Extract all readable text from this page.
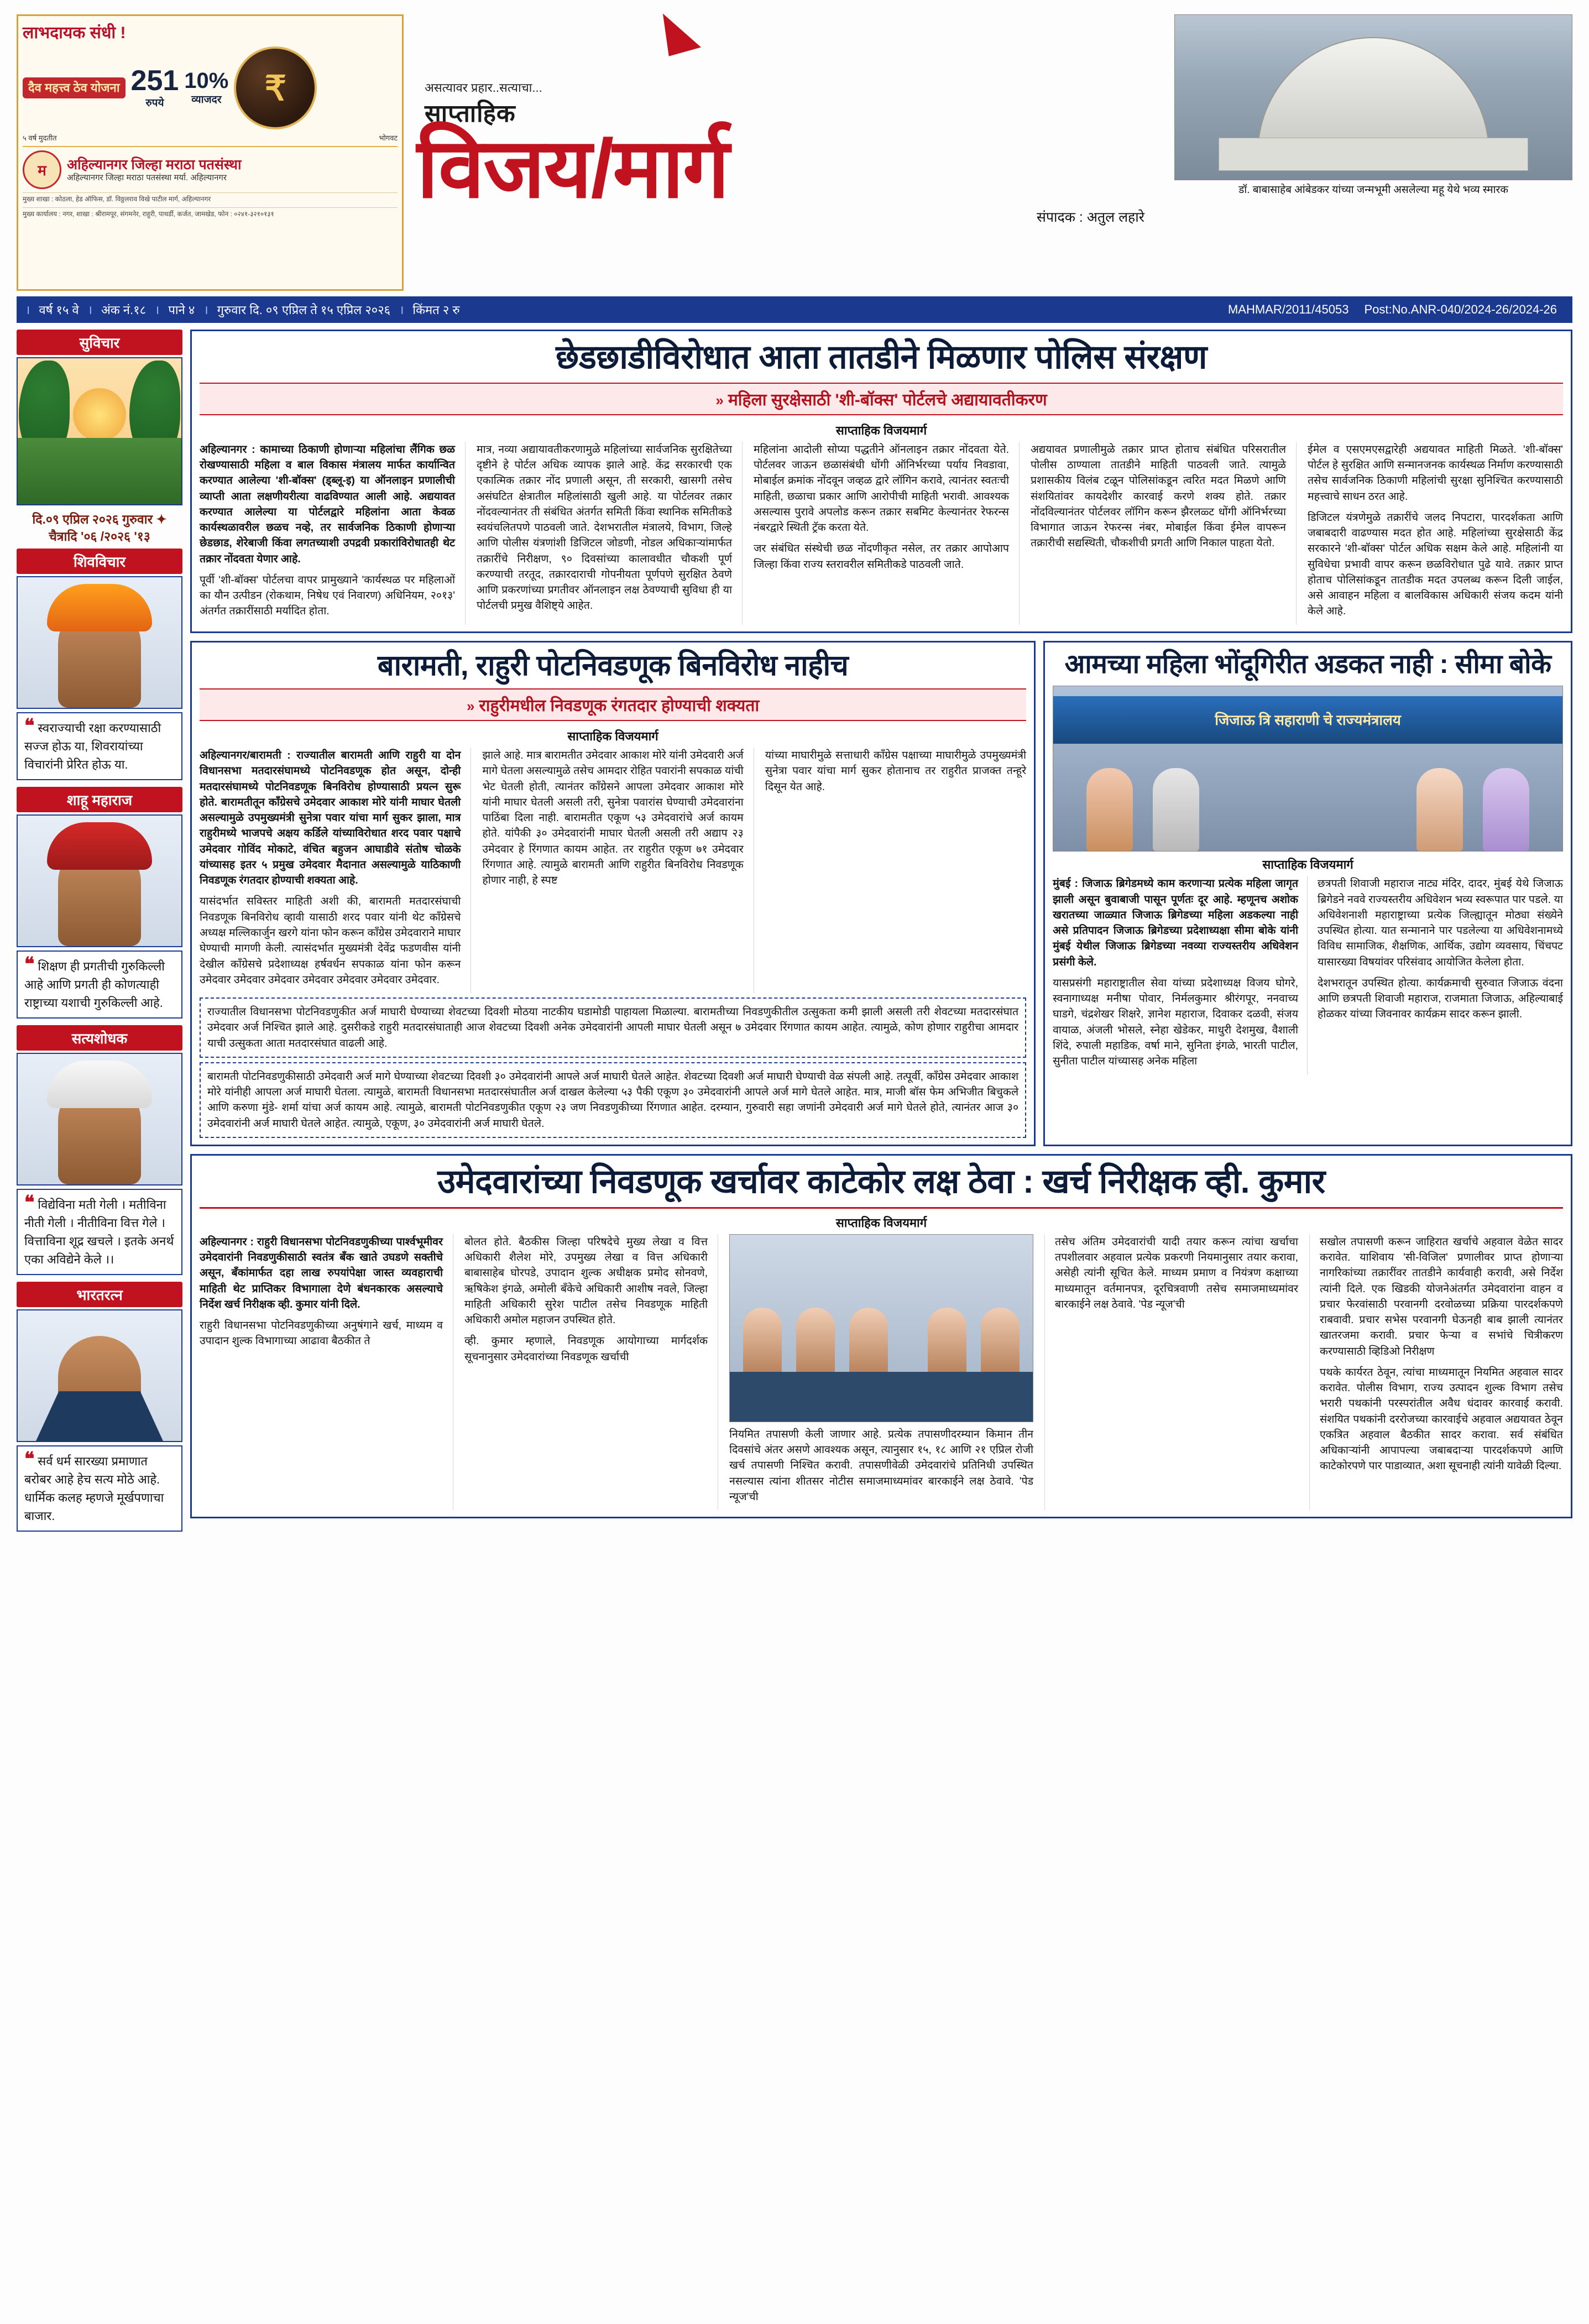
लाभदायक संधी !
दैव महत्त्व ठेव योजना 251
रुपये
10%
व्याजदर	₹
५ वर्ष मुदतीत	भोगवट
म	अहिल्यानगर जिल्हा मराठा पतसंस्था
अहिल्यानगर जिल्हा मराठा पतसंस्था मर्या. अहिल्यानगर
मुख्य शाखा : कोठला, हेड ऑफिस, डॉ. विठ्ठलराव विखे पाटील मार्ग, अहिल्यानगर
मुख्य कार्यालय : नगर, शाखा : श्रीरामपूर, संगमनेर, राहुरी, पाथर्डी, कर्जत, जामखेड, फोन : ०२४१-३२१०१३१
असत्यावर प्रहार..सत्याचा...
साप्ताहिक
विजय/मार्ग
संपादक : अतुल लहारे
डॉ. बाबासाहेब आंबेडकर यांच्या जन्मभूमी असलेल्या महू येथे भव्य स्मारक
। वर्ष १५ वे । अंक नं.१८ । पाने ४ । गुरुवार दि. ०९ एप्रिल ते १५ एप्रिल २०२६ । किंमत २ रु	MAHMAR/2011/45053	Post:No.ANR-040/2024-26/2024-26
सुविचार
दि.०९ एप्रिल २०२६ गुरुवार ✦ चैत्रादि '०६ /२०२६ '१३
शिवविचार
❝ स्वराज्याची रक्षा करण्यासाठी सज्ज होऊ या, शिवरायांच्या विचारांनी प्रेरित होऊ या.
शाहू महाराज
❝ शिक्षण ही प्रगतीची गुरुकिल्ली आहे आणि प्रगती ही कोणत्याही राष्ट्राच्या यशाची गुरुकिल्ली आहे.
सत्यशोधक
❝ विद्येविना मती गेली । मतीविना नीती गेली । नीतीविना वित्त गेले । वित्ताविना शूद्र खचले । इतके अनर्थ एका अविद्येने केले ।।
भारतरत्न
❝ सर्व धर्म सारख्या प्रमाणात बरोबर आहे हेच सत्य मोठे आहे. धार्मिक कलह म्हणजे मूर्खपणाचा बाजार.
छेडछाडीविरोधात आता तातडीने मिळणार पोलिस संरक्षण
» महिला सुरक्षेसाठी 'शी-बॉक्स' पोर्टलचे अद्यायावतीकरण
साप्ताहिक विजयमार्ग

अहिल्यानगर : कामाच्या ठिकाणी होणाऱ्या महिलांचा लैंगिक छळ रोखण्यासाठी महिला व बाल विकास मंत्रालय मार्फत कार्यान्वित करण्यात आलेल्या 'शी-बॉक्स' (ड्ब्लू-इ) या ऑनलाइन प्रणालीची व्याप्ती आता लक्षणीयरीत्या वाढविण्यात आली आहे. अद्ययावत करण्यात आलेल्या या पोर्टलद्वारे महिलांना आता केवळ कार्यस्थळावरील छळच नव्हे, तर सार्वजनिक ठिकाणी होणाऱ्या छेडछाड, शेरेबाजी किंवा लगतच्याशी उपद्रवी प्रकारांविरोधातही थेट तक्रार नोंदवता येणार आहे.

पूर्वी 'शी-बॉक्स' पोर्टलचा वापर प्रामुख्याने 'कार्यस्थळ पर महिलाओं का यौन उत्पीडन (रोकथाम, निषेध एवं निवारण) अधिनियम, २०१३' अंतर्गत तक्रारींसाठी मर्यादित होता.

मात्र, नव्या अद्यायावतीकरणामुळे महिलांच्या सार्वजनिक सुरक्षितेच्या दृष्टीने हे पोर्टल अधिक व्यापक झाले आहे. केंद्र सरकारची एक एकात्मिक तक्रार नोंद प्रणाली असून, ती सरकारी, खासगी तसेच असंघटित क्षेत्रातील महिलांसाठी खुली आहे. या पोर्टलवर तक्रार नोंदवल्यानंतर ती संबंधित अंतर्गत समिती किंवा स्थानिक समितीकडे स्वयंचलितपणे पाठवली जाते. देशभरातील मंत्रालये, विभाग, जिल्हे आणि पोलीस यंत्रणांशी डिजिटल जोडणी, नोडल अधिकाऱ्यांमार्फत तक्रारींचे निरीक्षण, ९० दिवसांच्या कालावधीत चौकशी पूर्ण करण्याची तरतूद, तक्रारदाराची गोपनीयता पूर्णपणे सुरक्षित ठेवणे आणि प्रकरणांच्या प्रगतीवर ऑनलाइन लक्ष ठेवण्याची सुविधा ही या पोर्टलची प्रमुख वैशिष्ट्ये आहेत.

महिलांना आदोली सोप्या पद्धतीने ऑनलाइन तक्रार नोंदवता येते. पोर्टलवर जाऊन छळासंबंधी धोंगी ऑनिर्भरच्या पर्याय निवडावा, मोबाईल क्रमांक नोंदवून जव्हळ द्वारे लॉगिन करावे, त्यानंतर स्वतःची माहिती, छळाचा प्रकार आणि आरोपीची माहिती भरावी. आवश्यक असल्यास पुरावे अपलोड करून तक्रार सबमिट केल्यानंतर रेफरन्स नंबरद्वारे स्थिती ट्रॅक करता येते.

जर संबंधित संस्थेची छळ नोंदणीकृत नसेल, तर तक्रार आपोआप जिल्हा किंवा राज्य स्तरावरील समितीकडे पाठवली जाते.

अद्ययावत प्रणालीमुळे तक्रार प्राप्त होताच संबंधित परिसरातील पोलीस ठाण्याला तातडीने माहिती पाठवली जाते. त्यामुळे प्रशासकीय विलंब टळून पोलिसांकडून त्वरित मदत मिळणे आणि संशयितांवर कायदेशीर कारवाई करणे शक्य होते. तक्रार नोंदविल्यानंतर पोर्टलवर लॉगिन करून झैरलळ्ट धोंगी ऑनिर्भरच्या विभागात जाऊन रेफरन्स नंबर, मोबाईल किंवा ईमेल वापरून तक्रारीची सद्यस्थिती, चौकशीची प्रगती आणि निकाल पाहता येतो.

ईमेल व एसएमएसद्वारेही अद्ययावत माहिती मिळते. 'शी-बॉक्स' पोर्टल हे सुरक्षित आणि सन्मानजनक कार्यस्थळ निर्माण करण्यासाठी तसेच सार्वजनिक ठिकाणी महिलांची सुरक्षा सुनिश्चित करण्यासाठी महत्त्वाचे साधन ठरत आहे.

डिजिटल यंत्रणेमुळे तक्रारींचे जलद निपटारा, पारदर्शकता आणि जबाबदारी वाढण्यास मदत होत आहे. महिलांच्या सुरक्षेसाठी केंद्र सरकारने 'शी-बॉक्स' पोर्टल अधिक सक्षम केले आहे. महिलांनी या सुविधेचा प्रभावी वापर करून छळविरोधात पुढे यावे. तक्रार प्राप्त होताच पोलिसांकडून तातडीक मदत उपलब्ध करून दिली जाईल, असे आवाहन महिला व बालविकास अधिकारी संजय कदम यांनी केले आहे.

बारामती, राहुरी पोटनिवडणूक बिनविरोध नाहीच
» राहुरीमधील निवडणूक रंगतदार होण्याची शक्यता
साप्ताहिक विजयमार्ग

अहिल्यानगर/बारामती : राज्यातील बारामती आणि राहुरी या दोन विधानसभा मतदारसंघामध्ये पोटनिवडणूक होत असून, दोन्ही मतदारसंघामध्ये पोटनिवडणूक बिनविरोध होण्यासाठी प्रयत्न सुरू होते. बारामतीतून काँग्रेसचे उमेदवार आकाश मोरे यांनी माघार घेतली असल्यामुळे उपमुख्यमंत्री सुनेत्रा पवार यांचा मार्ग सुकर झाला, मात्र राहुरीमध्ये भाजपचे अक्षय कर्डिले यांच्याविरोधात शरद पवार पक्षाचे उमेदवार गोविंद मोकाटे, वंचित बहुजन आघाडीवे संतोष चोळके यांच्यासह इतर ५ प्रमुख उमेदवार मैदानात असल्यामुळे याठिकाणी निवडणूक रंगतदार होण्याची शक्यता आहे.

यासंदर्भात सविस्तर माहिती अशी की, बारामती मतदारसंघाची निवडणूक बिनविरोध व्हावी यासाठी शरद पवार यांनी थेट काँग्रेसचे अध्यक्ष मल्लिकार्जुन खरगे यांना फोन करून काँग्रेस उमेदवाराने माघार घेण्याची मागणी केली. त्यासंदर्भात मुख्यमंत्री देवेंद्र फडणवीस यांनी देखील काँग्रेसचे प्रदेशाध्यक्ष हर्षवर्धन सपकाळ यांना फोन करून उमेदवार उमेदवार उमेदवार उमेदवार उमेदवार उमेदवार उमेदवार.

झाले आहे. मात्र बारामतीत उमेदवार आकाश मोरे यांनी उमेदवारी अर्ज मागे घेतला असल्यामुळे तसेच आमदार रोहित पवारांनी सपकाळ यांची भेट घेतली होती, त्यानंतर काँग्रेसने आपला उमेदवार आकाश मोरे यांनी माघार घेतली असली तरी, सुनेत्रा पवारांस घेण्याची उमेदवारांना पाठिंबा दिला नाही. बारामतीत एकूण ५३ उमेदवारांचे अर्ज कायम होते. यांपैकी ३० उमेदवारांनी माघार घेतली असली तरी अद्याप २३ उमेदवार हे रिंगणात कायम आहेत. तर राहुरीत एकूण ७१ उमेदवार रिंगणात आहे. त्यामुळे बारामती आणि राहुरीत बिनविरोध निवडणूक होणार नाही, हे स्पष्ट

यांच्या माघारीमुळे सत्ताधारी काँग्रेस पक्षाच्या माघारीमुळे उपमुख्यमंत्री सुनेत्रा पवार यांचा मार्ग सुकर होतानाच तर राहुरीत प्राजक्त तन्हूरे दिसून येत आहे.

राज्यातील विधानसभा पोटनिवडणुकीत अर्ज माघारी घेण्याच्या शेवटच्या दिवशी मोठया नाटकीय घडामोडी पाहायला मिळाल्या. बारामतीच्या निवडणुकीतील उत्सुकता कमी झाली असली तरी शेवटच्या मतदारसंघात उमेदवार अर्ज निश्चित झाले आहे. दुसरीकडे राहुरी मतदारसंघाताही आज शेवटच्या दिवशी अनेक उमेदवारांनी आपली माघार घेतली असून ७ उमेदवार रिंगणात कायम आहेत. त्यामुळे, कोण होणार राहुरीचा आमदार याची उत्सुकता आता मतदारसंघात वाढली आहे.

बारामती पोटनिवडणुकीसाठी उमेदवारी अर्ज मागे घेण्याच्या शेवटच्या दिवशी ३० उमेदवारांनी आपले अर्ज माघारी घेतले आहेत. शेवटच्या दिवशी अर्ज माघारी घेण्याची वेळ संपली आहे. तत्पूर्वी, काँग्रेस उमेदवार आकाश मोरे यांनीही आपला अर्ज माघारी घेतला. त्यामुळे, बारामती विधानसभा मतदारसंघातील अर्ज दाखल केलेल्या ५३ पैकी एकूण ३० उमेदवारांनी आपले अर्ज मागे घेतले आहेत. मात्र, माजी बॉस फेम अभिजीत बिचुकले आणि करुणा मुंडे- शर्मा यांचा अर्ज कायम आहे. त्यामुळे, बारामती पोटनिवडणुकीत एकूण २३ जण निवडणुकीच्या रिंगणात आहेत. दरम्यान, गुरुवारी सहा जणांनी उमेदवारी अर्ज मागे घेतले होते, त्यानंतर आज ३० उमेदवारांनी अर्ज माघारी घेतले आहेत. त्यामुळे, एकूण, ३० उमेदवारांनी अर्ज माघारी घेतले.

आमच्या महिला भोंदूगिरीत अडकत नाही : सीमा बोके
जिजाऊ त्रि सहाराणी चे राज्यमंत्रालय
साप्ताहिक विजयमार्ग

मुंबई : जिजाऊ ब्रिगेडमध्ये काम करणाऱ्या प्रत्येक महिला जागृत झाली असून बुवाबाजी पासून पूर्णतः दूर आहे. म्हणूनच अशोक खरातच्या जाळ्यात जिजाऊ ब्रिगेडच्या महिला अडकल्या नाही असे प्रतिपादन जिजाऊ ब्रिगेडच्या प्रदेशाध्यक्षा सीमा बोके यांनी मुंबई येथील जिजाऊ ब्रिगेडच्या नवव्या राज्यस्तरीय अधिवेशन प्रसंगी केले.

यासप्रसंगी महाराष्ट्रातील सेवा यांच्या प्रदेशाध्यक्ष विजय घोगरे, स्वनागाध्यक्ष मनीषा पोवार, निर्मलकुमार श्रीरंगपूर, ननवाच्य घाडगे, चंद्रशेखर शिक्षरे, ज्ञानेश महाराज, दिवाकर दळवी, संजय वायाळ, अंजली भोसले, स्नेहा खेडेकर, माधुरी देशमुख, वैशाली शिंदे, रुपाली महाडिक, वर्षा माने, सुनिता इंगळे, भारती पाटील, सुनीता पाटील यांच्यासह अनेक महिला

छत्रपती शिवाजी महाराज नाट्य मंदिर, दादर, मुंबई येथे जिजाऊ ब्रिगेडने नववे राज्यस्तरीय अधिवेशन भव्य स्वरूपात पार पडले. या अधिवेशनाशी महाराष्ट्राच्या प्रत्येक जिल्ह्यातून मोठ्या संख्येने उपस्थित होत्या. यात सन्मानाने पार पडलेल्या या अधिवेशनामध्ये विविध सामाजिक, शैक्षणिक, आर्थिक, उद्योग व्यवसाय, चिंचपट यासारख्या विषयांवर परिसंवाद आयोजित केलेला होता.

देशभरातून उपस्थित होत्या. कार्यक्रमाची सुरुवात जिजाऊ वंदना आणि छत्रपती शिवाजी महाराज, राजमाता जिजाऊ, अहिल्याबाई होळकर यांच्या जिवनावर कार्यक्रम सादर करून झाली.

उमेदवारांच्या निवडणूक खर्चावर काटेकोर लक्ष ठेवा : खर्च निरीक्षक व्ही. कुमार
साप्ताहिक विजयमार्ग

अहिल्यानगर : राहुरी विधानसभा पोटनिवडणुकीच्या पार्श्वभूमीवर उमेदवारांनी निवडणुकीसाठी स्वतंत्र बँक खाते उघडणे सक्तीचे असून, बँकांमार्फत दहा लाख रुपयांपेक्षा जास्त व्यवहाराची माहिती थेट प्राप्तिकर विभागाला देणे बंधनकारक असल्याचे निर्देश खर्च निरीक्षक व्ही. कुमार यांनी दिले.

राहुरी विधानसभा पोटनिवडणुकीच्या अनुषंगाने खर्च, माध्यम व उपादान शुल्क विभागाच्या आढावा बैठकीत ते

बोलत होते. बैठकीस जिल्हा परिषदेचे मुख्य लेखा व वित्त अधिकारी शैलेश मोरे, उपमुख्य लेखा व वित्त अधिकारी बाबासाहेब घोरपडे, उपादान शुल्क अधीक्षक प्रमोद सोनवणे, ऋषिकेश इंगळे, अमोली बँकेचे अधिकारी आशीष नवले, जिल्हा माहिती अधिकारी सुरेश पाटील तसेच निवडणूक माहिती अधिकारी अमोल महाजन उपस्थित होते.

व्ही. कुमार म्हणाले, निवडणूक आयोगाच्या मार्गदर्शक सूचनानुसार उमेदवारांच्या निवडणूक खर्चाची

नियमित तपासणी केली जाणार आहे. प्रत्येक तपासणीदरम्यान किमान तीन दिवसांचे अंतर असणे आवश्यक असून, त्यानुसार १५, १८ आणि २१ एप्रिल रोजी खर्च तपासणी निश्चित करावी. तपासणीवेळी उमेदवारांचे प्रतिनिधी उपस्थित नसल्यास त्यांना शीतसर नोटीस समाजमाध्यमांवर बारकाईने लक्ष ठेवावे. 'पेड न्यूज'ची

तसेच अंतिम उमेदवारांची यादी तयार करून त्यांचा खर्चाचा तपशीलवार अहवाल प्रत्येक प्रकरणी नियमानुसार तयार करावा, असेही त्यांनी सूचित केले. माध्यम प्रमाण व नियंत्रण कक्षाच्या माध्यमातून वर्तमानपत्र, दूरचित्रवाणी तसेच समाजमाध्यमांवर बारकाईने लक्ष ठेवावे. 'पेड न्यूज'ची

सखोल तपासणी करून जाहिरात खर्चाचे अहवाल वेळेत सादर करावेत. याशिवाय 'सी-विजिल' प्रणालीवर प्राप्त होणाऱ्या नागरिकांच्या तक्रारींवर तातडीने कार्यवाही करावी, असे निर्देश त्यांनी दिले. एक खिडकी योजनेअंतर्गत उमेदवारांना वाहन व प्रचार फेरवांसाठी परवानगी दरवोळच्या प्रक्रिया पारदर्शकपणे राबवावी. प्रचार सभेस परवानगी घेऊनही बाब झाली त्यानंतर खातरजमा करावी. प्रचार फेऱ्या व सभांचे चित्रीकरण करण्यासाठी व्हिडिओ निरीक्षण

पथके कार्यरत ठेवून, त्यांचा माध्यमातून नियमित अहवाल सादर करावेत. पोलीस विभाग, राज्य उत्पादन शुल्क विभाग तसेच भरारी पथकांनी परस्परांतील अवैध धंदावर कारवाई करावी. संशयित पथकांनी दररोजच्या कारवाईचे अहवाल अद्ययावत ठेवून एकत्रित अहवाल बैठकीत सादर करावा. सर्व संबंधित अधिकाऱ्यांनी आपापल्या जबाबदाऱ्या पारदर्शकपणे आणि काटेकोरपणे पार पाडाव्यात, अशा सूचनाही त्यांनी यावेळी दिल्या.
